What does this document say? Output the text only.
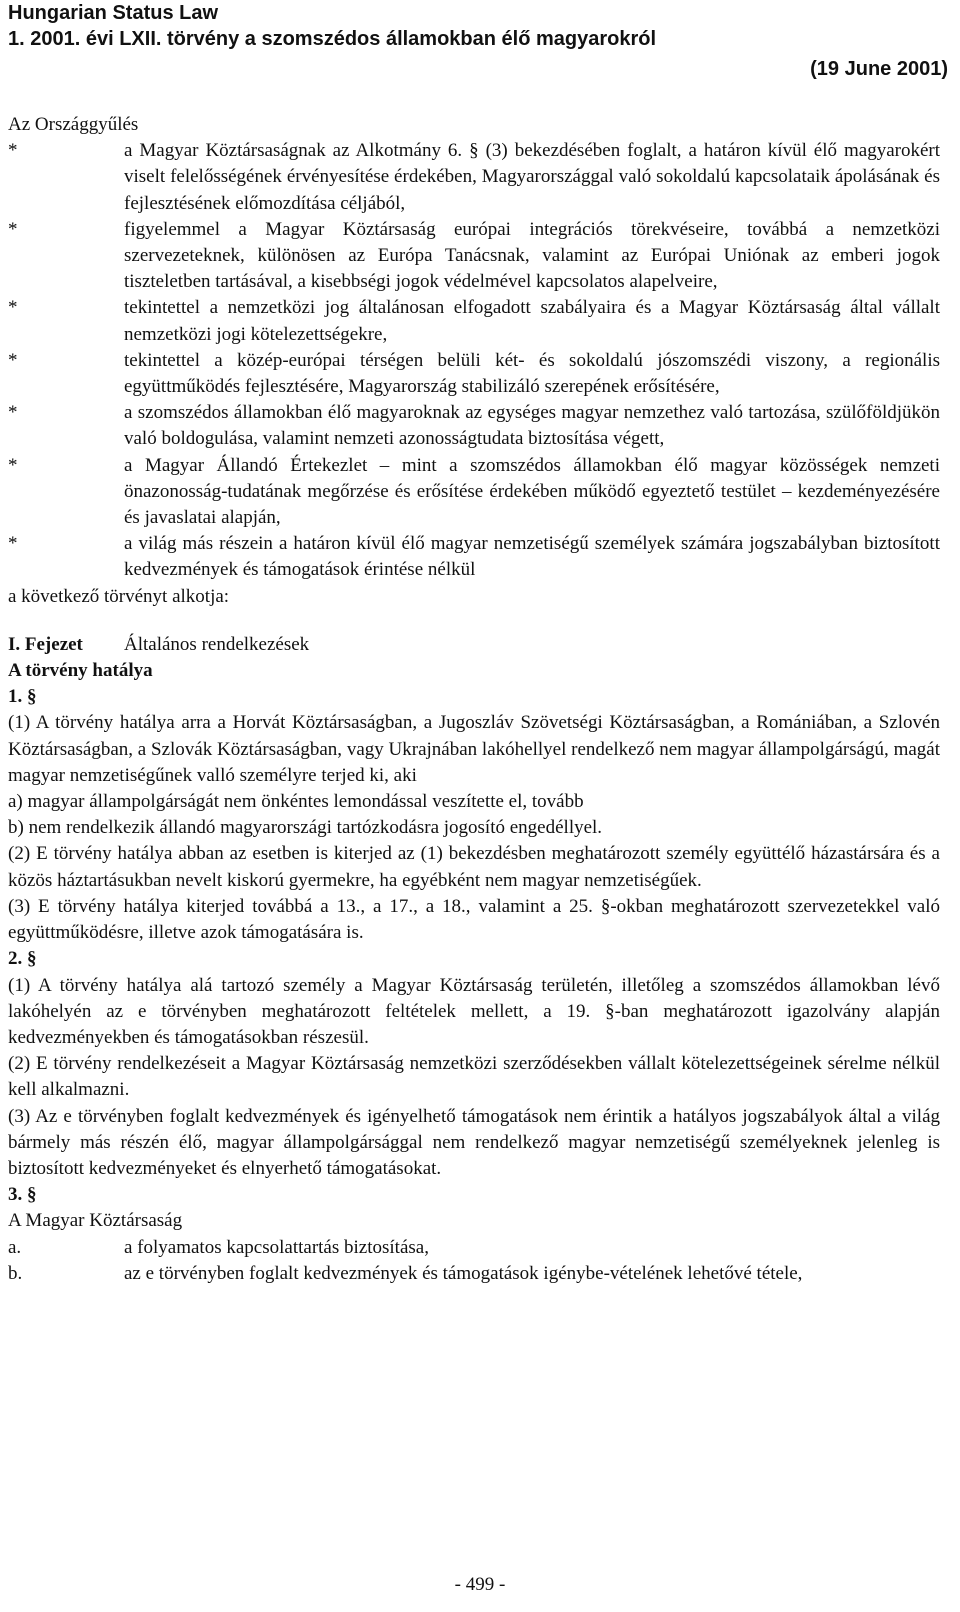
Hungarian Status Law

1. 2001. évi LXII. törvény a szomszédos államokban élő magyarokról

(19 June 2001)

Az Országgyűlés

*	a Magyar Köztársaságnak az Alkotmány 6. § (3) bekezdésében foglalt, a határon kívül élő magyarokért viselt felelősségének érvényesítése érdekében, Magyarországgal való sokoldalú kapcsolataik ápolásának és fejlesztésének előmozdítása céljából,
*	figyelemmel a Magyar Köztársaság európai integrációs törekvéseire, továbbá a nemzetközi szervezeteknek, különösen az Európa Tanácsnak, valamint az Európai Uniónak az emberi jogok tiszteletben tartásával, a kisebbségi jogok védelmével kapcsolatos alapelveire,
*	tekintettel a nemzetközi jog általánosan elfogadott szabályaira és a Magyar Köztársaság által vállalt nemzetközi jogi kötelezettségekre,
*	tekintettel a közép-európai térségen belüli két- és sokoldalú jószomszédi viszony, a regionális együttműködés fejlesztésére, Magyarország stabilizáló szerepének erősítésére,
*	a szomszédos államokban élő magyaroknak az egységes magyar nemzethez való tartozása, szülőföldjükön való boldogulása, valamint nemzeti azonosságtudata biztosítása végett,
*	a Magyar Állandó Értekezlet – mint a szomszédos államokban élő magyar közösségek nemzeti önazonosság-tudatának megőrzése és erősítése érdekében működő egyeztető testület – kezdeményezésére és javaslatai alapján,
*	a világ más részein a határon kívül élő magyar nemzetiségű személyek számára jogszabályban biztosított kedvezmények és támogatások érintése nélkül

a következő törvényt alkotja:

I. Fejezet Általános rendelkezések

A törvény hatálya

1. §

(1) A törvény hatálya arra a Horvát Köztársaságban, a Jugoszláv Szövetségi Köztársaságban, a Romániában, a Szlovén Köztársaságban, a Szlovák Köztársaságban, vagy Ukrajnában lakóhellyel rendelkező nem magyar állampolgárságú, magát magyar nemzetiségűnek valló személyre terjed ki, aki

a) magyar állampolgárságát nem önkéntes lemondással veszítette el, tovább

b) nem rendelkezik állandó magyarországi tartózkodásra jogosító engedéllyel.

(2) E törvény hatálya abban az esetben is kiterjed az (1) bekezdésben meghatározott személy együttélő házastársára és a közös háztartásukban nevelt kiskorú gyermekre, ha egyébként nem magyar nemzetiségűek.

(3) E törvény hatálya kiterjed továbbá a 13., a 17., a 18., valamint a 25. §-okban meghatározott szervezetekkel való együttműködésre, illetve azok támogatására is.

2. §

(1) A törvény hatálya alá tartozó személy a Magyar Köztársaság területén, illetőleg a szomszédos államokban lévő lakóhelyén az e törvényben meghatározott feltételek mellett, a 19. §-ban meghatározott igazolvány alapján kedvezményekben és támogatásokban részesül.

(2) E törvény rendelkezéseit a Magyar Köztársaság nemzetközi szerződésekben vállalt kötelezettségeinek sérelme nélkül kell alkalmazni.

(3) Az e törvényben foglalt kedvezmények és igényelhető támogatások nem érintik a hatályos jogszabályok által a világ bármely más részén élő, magyar állampolgársággal nem rendelkező magyar nemzetiségű személyeknek jelenleg is biztosított kedvezményeket és elnyerhető támogatásokat.

3. §

A Magyar Köztársaság

a.	a folyamatos kapcsolattartás biztosítása,
b.	az e törvényben foglalt kedvezmények és támogatások igénybe-vételének lehetővé tétele,
- 499 -
